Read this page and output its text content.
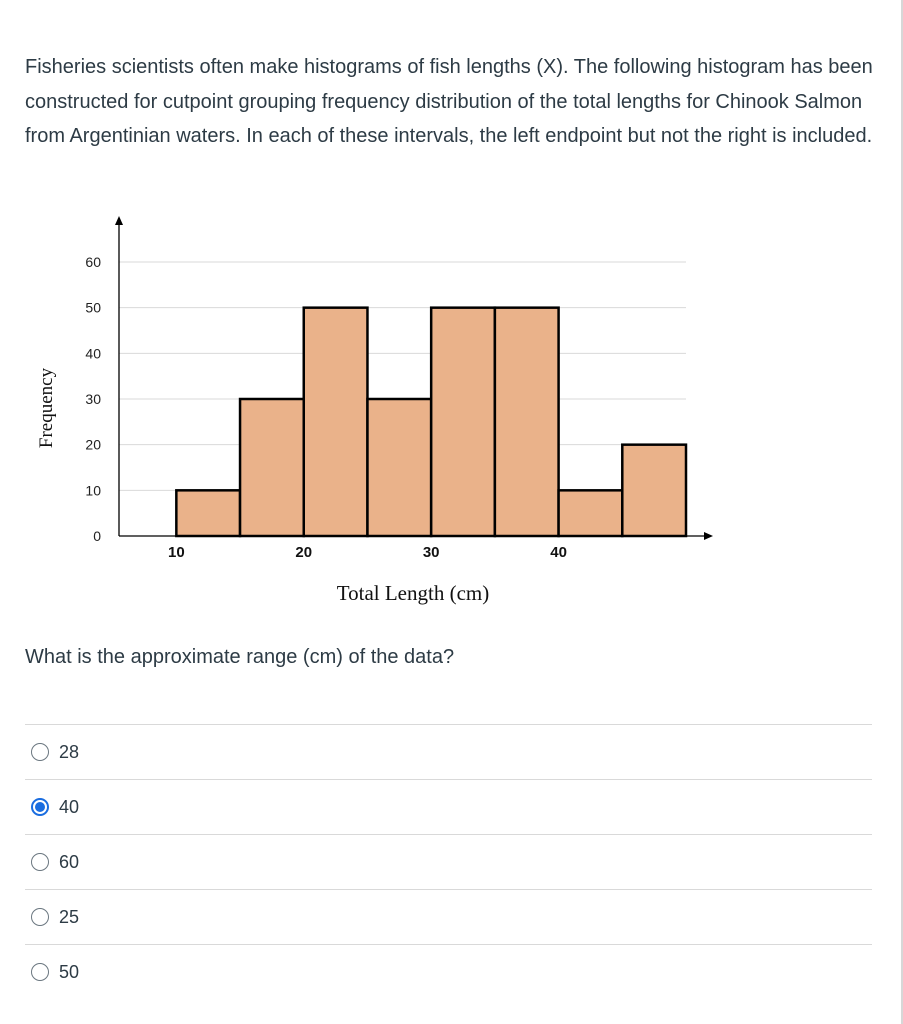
Fisheries scientists often make histograms of fish lengths (X). The following histogram has been constructed for cutpoint grouping frequency distribution of the total lengths for Chinook Salmon from Argentinian waters. In each of these intervals, the left endpoint but not the right is included.
0
10
20
30
40
50
60
10	20	30	40
Total Length (cm)
Frequency
What is the approximate range (cm) of the data?
28
40
60
25
50
